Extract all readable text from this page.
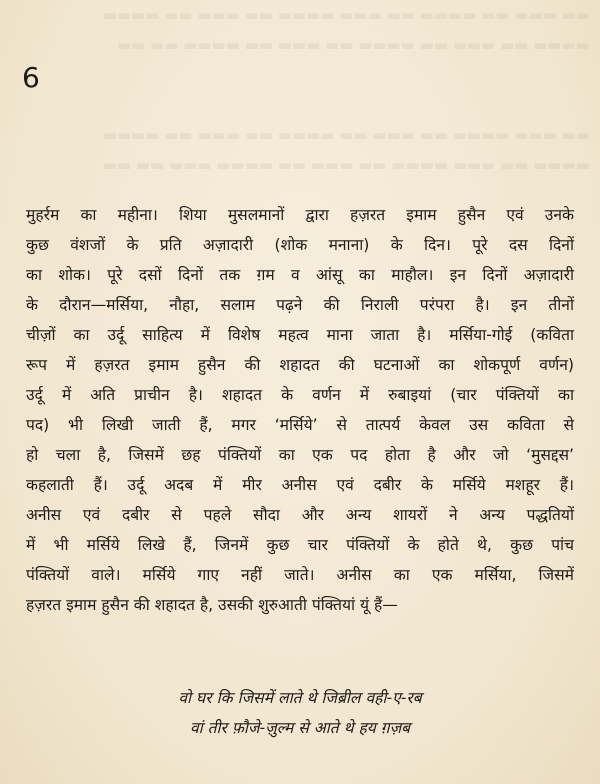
▬▬ ▬▬▬ ▬▬ ▬▬▬▬ ▬▬ ▬▬▬ ▬▬▬▬ ▬▬ ▬▬▬ ▬▬ ▬▬▬▬
▬▬▬▬ ▬▬ ▬▬▬ ▬▬ ▬▬▬▬ ▬▬ ▬▬▬ ▬▬ ▬▬▬▬ ▬▬ ▬▬

▬▬ ▬▬▬ ▬▬▬▬ ▬▬ ▬▬▬ ▬▬ ▬▬▬▬ ▬▬ ▬▬▬ ▬▬ ▬▬▬▬
▬▬▬▬ ▬▬ ▬▬▬ ▬▬▬▬ ▬▬ ▬▬▬ ▬▬ ▬▬▬▬ ▬▬▬ ▬▬ ▬▬
6
मुहर्रम का महीना। शिया मुसलमानों द्वारा हज़रत इमाम हुसैन एवं उनके
कुछ वंशजों के प्रति अज़ादारी (शोक मनाना) के दिन। पूरे दस दिनों
का शोक। पूरे दसों दिनों तक ग़म व आंसू का माहौल। इन दिनों अज़ादारी
के दौरान—मर्सिया, नौहा, सलाम पढ़ने की निराली परंपरा है। इन तीनों
चीज़ों का उर्दू साहित्य में विशेष महत्व माना जाता है। मर्सिया-गोई (कविता
रूप में हज़रत इमाम हुसैन की शहादत की घटनाओं का शोकपूर्ण वर्णन)
उर्दू में अति प्राचीन है। शहादत के वर्णन में रुबाइयां (चार पंक्तियों का
पद) भी लिखी जाती हैं, मगर ‘मर्सिये’ से तात्पर्य केवल उस कविता से
हो चला है, जिसमें छह पंक्तियों का एक पद होता है और जो ‘मुसद्दस’
कहलाती हैं। उर्दू अदब में मीर अनीस एवं दबीर के मर्सिये मशहूर हैं।
अनीस एवं दबीर से पहले सौदा और अन्य शायरों ने अन्य पद्धतियों
में भी मर्सिये लिखे हैं, जिनमें कुछ चार पंक्तियों के होते थे, कुछ पांच
पंक्तियों वाले। मर्सिये गाए नहीं जाते। अनीस का एक मर्सिया, जिसमें
हज़रत इमाम हुसैन की शहादत है, उसकी शुरुआती पंक्तियां यूं हैं—
वो घर कि जिसमें लाते थे जिब्रील वही-ए-रब
वां तीर फ़ौजे-ज़ुल्म से आते थे हय ग़ज़ब
